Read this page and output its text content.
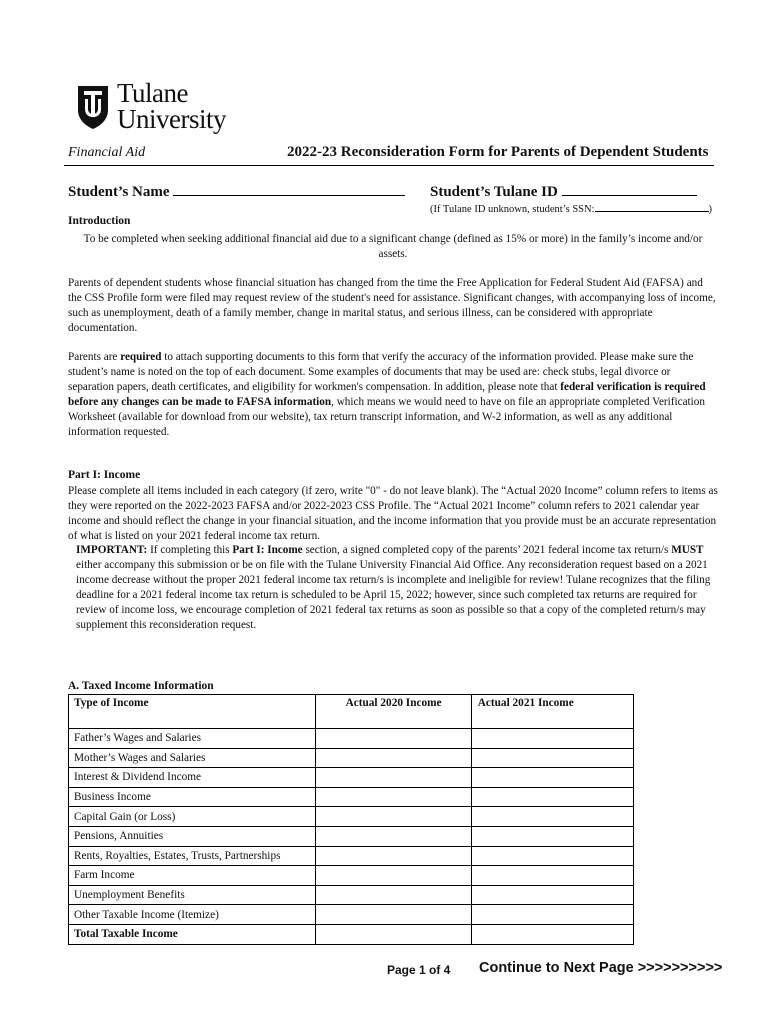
Tulane
University
Financial Aid	2022-23 Reconsideration Form for Parents of Dependent Students
Student’s Name	Student’s Tulane ID
(If Tulane ID unknown, student’s SSN:	)
Introduction
To be completed when seeking additional financial aid due to a significant change (defined as 15% or more) in the family’s income and/or assets.
Parents of dependent students whose financial situation has changed from the time the Free Application for Federal Student Aid (FAFSA) and the CSS Profile form were filed may request review of the student's need for assistance. Significant changes, with accompanying loss of income, such as unemployment, death of a family member, change in marital status, and serious illness, can be considered with appropriate documentation.
Parents are required to attach supporting documents to this form that verify the accuracy of the information provided. Please make sure the student’s name is noted on the top of each document. Some examples of documents that may be used are: check stubs, legal divorce or separation papers, death certificates, and eligibility for workmen's compensation. In addition, please note that federal verification is required before any changes can be made to FAFSA information, which means we would need to have on file an appropriate completed Verification Worksheet (available for download from our website), tax return transcript information, and W-2 information, as well as any additional information requested.
Part I: Income
Please complete all items included in each category (if zero, write "0" - do not leave blank). The “Actual 2020 Income” column refers to items as they were reported on the 2022-2023 FAFSA and/or 2022-2023 CSS Profile. The “Actual 2021 Income” column refers to 2021 calendar year income and should reflect the change in your financial situation, and the income information that you provide must be an accurate representation of what is listed on your 2021 federal income tax return.
IMPORTANT: If completing this Part I: Income section, a signed completed copy of the parents’ 2021 federal income tax return/s MUST either accompany this submission or be on file with the Tulane University Financial Aid Office. Any reconsideration request based on a 2021 income decrease without the proper 2021 federal income tax return/s is incomplete and ineligible for review! Tulane recognizes that the filing deadline for a 2021 federal income tax return is scheduled to be April 15, 2022; however, since such completed tax returns are required for review of income loss, we encourage completion of 2021 federal tax returns as soon as possible so that a copy of the completed return/s may supplement this reconsideration request.
A. Taxed Income Information
Type of Income	Actual 2020 Income	Actual 2021 Income
Father’s Wages and Salaries		
Mother’s Wages and Salaries		
Interest & Dividend Income		
Business Income		
Capital Gain (or Loss)		
Pensions, Annuities		
Rents, Royalties, Estates, Trusts, Partnerships		
Farm Income		
Unemployment Benefits		
Other Taxable Income (Itemize)		
Total Taxable Income		
Page 1 of 4 Continue to Next Page >>>>>>>>>>
